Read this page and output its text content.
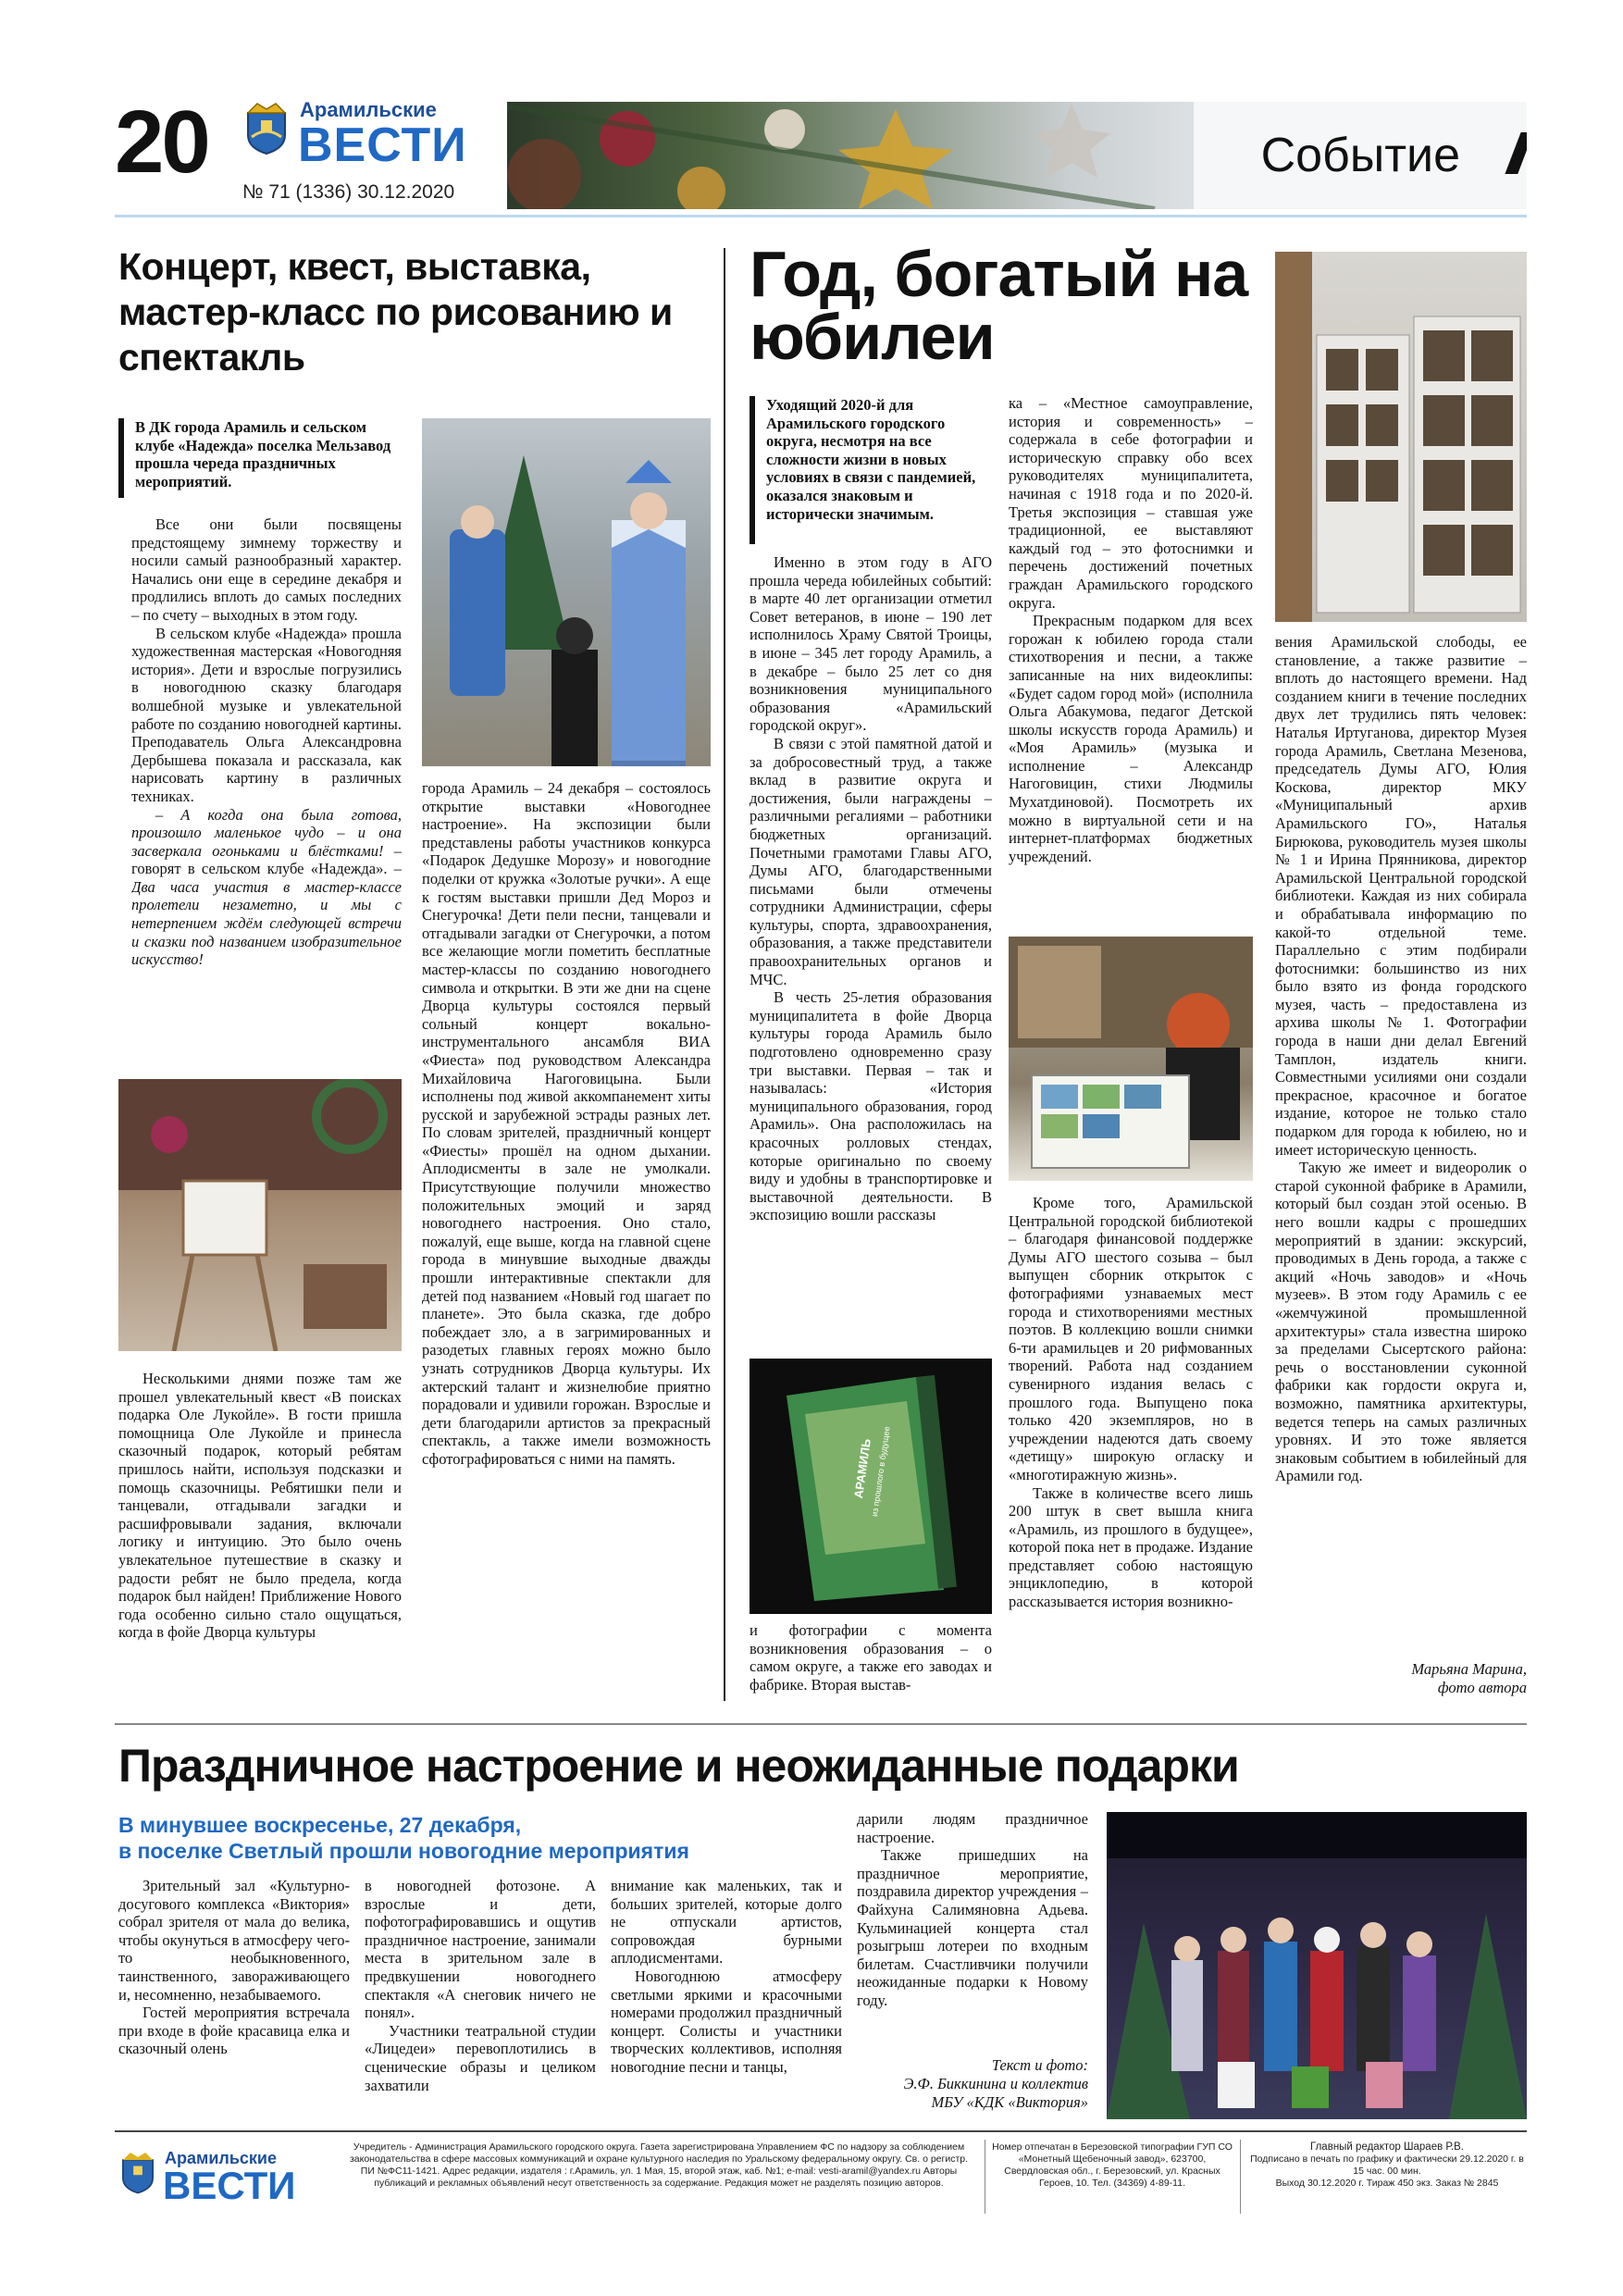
20	Арамильские
ВЕСТИ
№ 71 (1336) 30.12.2020
Событие //
Концерт, квест, выставка, мастер-класс по рисованию и спектакль
В ДК города Арамиль и сельском клубе «Надежда» поселка Мельзавод прошла череда праздничных мероприятий.

Все они были посвящены предстоящему зимнему торжеству и носили самый разнообразный характер. Начались они еще в середине декабря и продлились вплоть до самых последних – по счету – выходных в этом году.

В сельском клубе «Надежда» прошла художественная мастерская «Новогодняя история». Дети и взрослые погрузились в новогоднюю сказку благодаря волшебной музыке и увлекательной работе по созданию новогодней картины. Преподаватель Ольга Александровна Дербышева показала и рассказала, как нарисовать картину в различных техниках.

– А когда она была готова, произошло маленькое чудо – и она засверкала огоньками и блёстками! – говорят в сельском клубе «Надежда». – Два часа участия в мастер-классе пролетели незаметно, и мы с нетерпением ждём следующей встречи и сказки под названием изобразительное искусство!

города Арамиль – 24 декабря – состоялось открытие выставки «Новогоднее настроение». На экспозиции были представлены работы участников конкурса «Подарок Дедушке Морозу» и новогодние поделки от кружка «Золотые ручки». А еще к гостям выставки пришли Дед Мороз и Снегурочка! Дети пели песни, танцевали и отгадывали загадки от Снегурочки, а потом все желающие могли пометить бесплатные мастер-классы по созданию новогоднего символа и открытки. В эти же дни на сцене Дворца культуры состоялся первый сольный концерт вокально-инструментального ансамбля ВИА «Фиеста» под руководством Александра Михайловича Нагоговицына. Были исполнены под живой аккомпанемент хиты русской и зарубежной эстрады разных лет. По словам зрителей, праздничный концерт «Фиесты» прошёл на одном дыхании. Аплодисменты в зале не умолкали. Присутствующие получили множество положительных эмоций и заряд новогоднего настроения. Оно стало, пожалуй, еще выше, когда на главной сцене города в минувшие выходные дважды прошли интерактивные спектакли для детей под названием «Новый год шагает по планете». Это была сказка, где добро побеждает зло, а в загримированных и разодетых главных героях можно было узнать сотрудников Дворца культуры. Их актерский талант и жизнелюбие приятно порадовали и удивили горожан. Взрослые и дети благодарили артистов за прекрасный спектакль, а также имели возможность сфотографироваться с ними на память.

Несколькими днями позже там же прошел увлекательный квест «В поисках подарка Оле Лукойле». В гости пришла помощница Оле Лукойле и принесла сказочный подарок, который ребятам пришлось найти, используя подсказки и помощь сказочницы. Ребятишки пели и танцевали, отгадывали загадки и расшифровывали задания, включали логику и интуицию. Это было очень увлекательное путешествие в сказку и радости ребят не было предела, когда подарок был найден! Приближение Нового года особенно сильно стало ощущаться, когда в фойе Дворца культуры

Год, богатый на юбилеи
Уходящий 2020-й для Арамильского городского округа, несмотря на все сложности жизни в новых условиях в связи с пандемией, оказался знаковым и исторически значимым.

Именно в этом году в АГО прошла череда юбилейных событий: в марте 40 лет организации отметил Совет ветеранов, в июне – 190 лет исполнилось Храму Святой Троицы, в июне – 345 лет городу Арамиль, а в декабре – было 25 лет со дня возникновения муниципального образования «Арамильский городской округ».

В связи с этой памятной датой и за добросовестный труд, а также вклад в развитие округа и достижения, были награждены – различными регалиями – работники бюджетных организаций. Почетными грамотами Главы АГО, Думы АГО, благодарственными письмами были отмечены сотрудники Администрации, сферы культуры, спорта, здравоохранения, образования, а также представители правоохранительных органов и МЧС.

В честь 25-летия образования муниципалитета в фойе Дворца культуры города Арамиль было подготовлено одновременно сразу три выставки. Первая – так и называлась: «История муниципального образования, город Арамиль». Она расположилась на красочных ролловых стендах, которые оригинально по своему виду и удобны в транспортировке и выставочной деятельности. В экспозицию вошли рассказы

АРАМИЛЬ
из прошлого в будущее

и фотографии с момента возникновения образования – о самом округе, а также его заводах и фабрике. Вторая выстав-

ка – «Местное самоуправление, история и современность» – содержала в себе фотографии и историческую справку обо всех руководителях муниципалитета, начиная с 1918 года и по 2020-й. Третья экспозиция – ставшая уже традиционной, ее выставляют каждый год – это фотоснимки и перечень достижений почетных граждан Арамильского городского округа.

Прекрасным подарком для всех горожан к юбилею города стали стихотворения и песни, а также записанные на них видеоклипы: «Будет садом город мой» (исполнила Ольга Абакумова, педагог Детской школы искусств города Арамиль) и «Моя Арамиль» (музыка и исполнение – Александр Нагоговицин, стихи Людмилы Мухатдиновой). Посмотреть их можно в виртуальной сети и на интернет-платформах бюджетных учреждений.

Кроме того, Арамильской Центральной городской библиотекой – благодаря финансовой поддержке Думы АГО шестого созыва – был выпущен сборник открыток с фотографиями узнаваемых мест города и стихотворениями местных поэтов. В коллекцию вошли снимки 6-ти арамильцев и 20 рифмованных творений. Работа над созданием сувенирного издания велась с прошлого года. Выпущено пока только 420 экземпляров, но в учреждении надеются дать своему «детищу» широкую огласку и «многотиражную жизнь».

Также в количестве всего лишь 200 штук в свет вышла книга «Арамиль, из прошлого в будущее», которой пока нет в продаже. Издание представляет собою настоящую энциклопедию, в которой рассказывается история возникно-

вения Арамильской слободы, ее становление, а также развитие – вплоть до настоящего времени. Над созданием книги в течение последних двух лет трудились пять человек: Наталья Иртуганова, директор Музея города Арамиль, Светлана Мезенова, председатель Думы АГО, Юлия Коскова, директор МКУ «Муниципальный архив Арамильского ГО», Наталья Бирюкова, руководитель музея школы № 1 и Ирина Прянникова, директор Арамильской Центральной городской библиотеки. Каждая из них собирала и обрабатывала информацию по какой-то отдельной теме. Параллельно с этим подбирали фотоснимки: большинство из них было взято из фонда городского музея, часть – предоставлена из архива школы № 1. Фотографии города в наши дни делал Евгений Тамплон, издатель книги. Совместными усилиями они создали прекрасное, красочное и богатое издание, которое не только стало подарком для города к юбилею, но и имеет историческую ценность.

Такую же имеет и видеоролик о старой суконной фабрике в Арамили, который был создан этой осенью. В него вошли кадры с прошедших мероприятий в здании: экскурсий, проводимых в День города, а также с акций «Ночь заводов» и «Ночь музеев». В этом году Арамиль с ее «жемчужиной промышленной архитектуры» стала известна широко за пределами Сысертского района: речь о восстановлении суконной фабрики как гордости округа и, возможно, памятника архитектуры, ведется теперь на самых различных уровнях. И это тоже является знаковым событием в юбилейный для Арамили год.

Марьяна Марина,
фото автора
Праздничное настроение и неожиданные подарки
В минувшее воскресенье, 27 декабря,
в поселке Светлый прошли новогодние мероприятия

Зрительный зал «Культурно-досугового комплекса «Виктория» собрал зрителя от мала до велика, чтобы окунуться в атмосферу чего-то необыкновенного, таинственного, завораживающего и, несомненно, незабываемого.

Гостей мероприятия встречала при входе в фойе красавица елка и сказочный олень

в новогодней фотозоне. А взрослые и дети, пофотографировавшись и ощутив праздничное настроение, занимали места в зрительном зале в предвкушении новогоднего спектакля «А снеговик ничего не понял».

Участники театральной студии «Лицедеи» перевоплотились в сценические образы и целиком захватили

внимание как маленьких, так и больших зрителей, которые долго не отпускали артистов, сопровождая бурными аплодисментами.

Новогоднюю атмосферу светлыми яркими и красочными номерами продолжил праздничный концерт. Солисты и участники творческих коллективов, исполняя новогодние песни и танцы,

дарили людям праздничное настроение.

Также пришедших на праздничное мероприятие, поздравила директор учреждения – Файхуна Салимяновна Адьева. Кульминацией концерта стал розыгрыш лотереи по входным билетам. Счастливчики получили неожиданные подарки к Новому году.

Текст и фото:
Э.Ф. Биккинина и коллектив
МБУ «КДК «Виктория»
Арамильские
ВЕСТИ
Учредитель - Администрация Арамильского городского округа. Газета зарегистрирована Управлением ФС по надзору за соблюдением законодательства в сфере массовых коммуникаций и охране культурного наследия по Уральскому федеральному округу. Св. о регистр. ПИ №ФС11-1421. Адрес редакции, издателя : г.Арамиль, ул. 1 Мая, 15, второй этаж, каб. №1; e-mail: vesti-aramil@yandex.ru Авторы публикаций и рекламных объявлений несут ответственность за содержание. Редакция может не разделять позицию авторов.
Номер отпечатан в Березовской типографии ГУП СО «Монетный Щебеночный завод», 623700, Свердловская обл., г. Березовский, ул. Красных Героев, 10. Тел. (34369) 4-89-11.
Главный редактор Шараев Р.В.
Подписано в печать по графику и фактически 29.12.2020 г. в 15 час. 00 мин.
Выход 30.12.2020 г. Тираж 450 экз. Заказ № 2845
